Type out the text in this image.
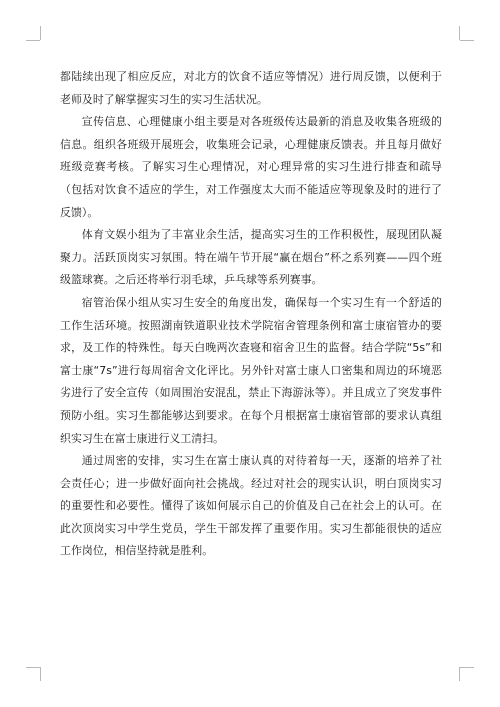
都陆续出现了相应反应，对北方的饮食不适应等情况）进行周反馈，以便利于老师及时了解掌握实习生的实习生活状况。

宣传信息、心理健康小组主要是对各班级传达最新的消息及收集各班级的信息。组织各班级开展班会，收集班会记录，心理健康反馈表。并且每月做好班级竞赛考核。了解实习生心理情况，对心理异常的实习生进行排查和疏导（包括对饮食不适应的学生，对工作强度太大而不能适应等现象及时的进行了反馈）。

体育文娱小组为了丰富业余生活，提高实习生的工作积极性，展现团队凝聚力。活跃顶岗实习氛围。特在端午节开展“赢在烟台”杯之系列赛——四个班级篮球赛。之后还将举行羽毛球，乒乓球等系列赛事。

宿管治保小组从实习生安全的角度出发，确保每一个实习生有一个舒适的工作生活环境。按照湖南铁道职业技术学院宿舍管理条例和富士康宿管办的要求，及工作的特殊性。每天白晚两次查寝和宿舍卫生的监督。结合学院“5s”和富士康“7s”进行每周宿舍文化评比。另外针对富士康人口密集和周边的环境恶劣进行了安全宣传（如周围治安混乱，禁止下海游泳等）。并且成立了突发事件预防小组。实习生都能够达到要求。在每个月根据富士康宿管部的要求认真组织实习生在富士康进行义工清扫。

通过周密的安排，实习生在富士康认真的对待着每一天，逐渐的培养了社会责任心；进一步做好面向社会挑战。经过对社会的现实认识，明白顶岗实习的重要性和必要性。懂得了该如何展示自己的价值及自己在社会上的认可。在此次顶岗实习中学生党员，学生干部发挥了重要作用。实习生都能很快的适应工作岗位，相信坚持就是胜利。
